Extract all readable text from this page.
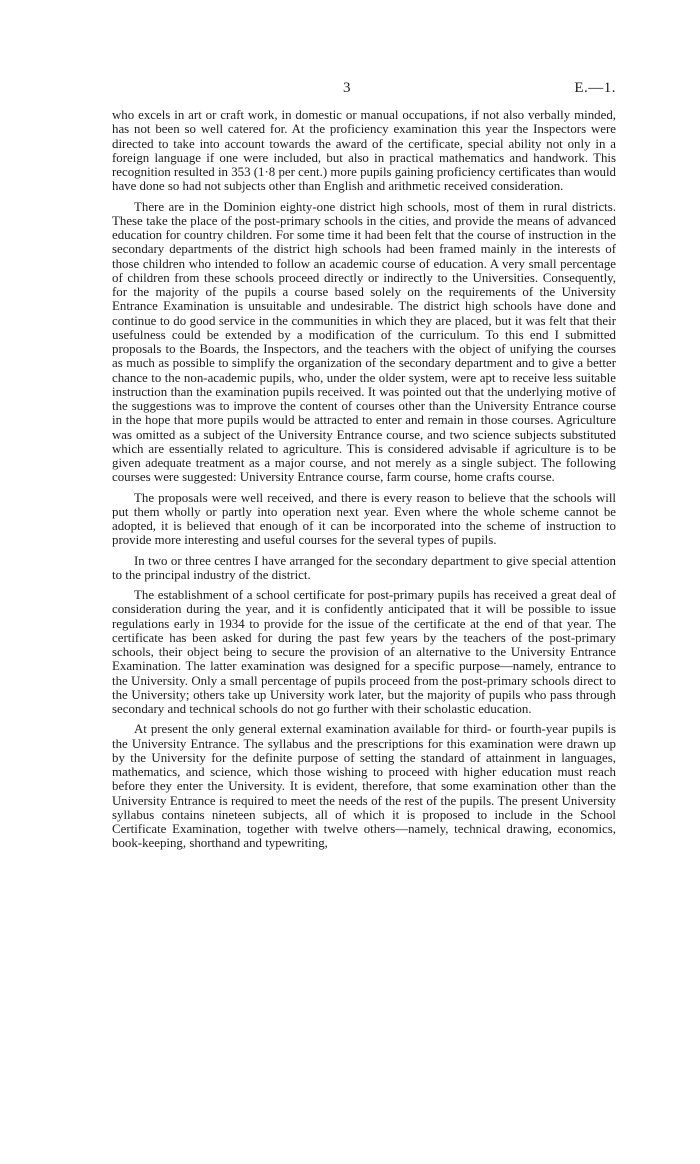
3	E.—1.

who excels in art or craft work, in domestic or manual occupations, if not also verbally minded, has not been so well catered for. At the proficiency examination this year the Inspectors were directed to take into account towards the award of the certificate, special ability not only in a foreign language if one were included, but also in practical mathematics and handwork. This recognition resulted in 353 (1·8 per cent.) more pupils gaining proficiency certificates than would have done so had not subjects other than English and arithmetic received consideration.

There are in the Dominion eighty-one district high schools, most of them in rural districts. These take the place of the post-primary schools in the cities, and provide the means of advanced education for country children. For some time it had been felt that the course of instruction in the secondary departments of the district high schools had been framed mainly in the interests of those children who intended to follow an academic course of education. A very small percentage of children from these schools proceed directly or indirectly to the Universities. Consequently, for the majority of the pupils a course based solely on the requirements of the University Entrance Examination is unsuitable and undesirable. The district high schools have done and continue to do good service in the communities in which they are placed, but it was felt that their usefulness could be extended by a modification of the curriculum. To this end I submitted proposals to the Boards, the Inspectors, and the teachers with the object of unifying the courses as much as possible to simplify the organization of the secondary department and to give a better chance to the non-academic pupils, who, under the older system, were apt to receive less suitable instruction than the examination pupils received. It was pointed out that the underlying motive of the suggestions was to improve the content of courses other than the University Entrance course in the hope that more pupils would be attracted to enter and remain in those courses. Agriculture was omitted as a subject of the University Entrance course, and two science subjects substituted which are essentially related to agriculture. This is considered advisable if agriculture is to be given adequate treatment as a major course, and not merely as a single subject. The following courses were suggested: University Entrance course, farm course, home crafts course.

The proposals were well received, and there is every reason to believe that the schools will put them wholly or partly into operation next year. Even where the whole scheme cannot be adopted, it is believed that enough of it can be incorporated into the scheme of instruction to provide more interesting and useful courses for the several types of pupils.

In two or three centres I have arranged for the secondary department to give special attention to the principal industry of the district.

The establishment of a school certificate for post-primary pupils has received a great deal of consideration during the year, and it is confidently anticipated that it will be possible to issue regulations early in 1934 to provide for the issue of the certificate at the end of that year. The certificate has been asked for during the past few years by the teachers of the post-primary schools, their object being to secure the provision of an alternative to the University Entrance Examination. The latter examination was designed for a specific purpose—namely, entrance to the University. Only a small percentage of pupils proceed from the post-primary schools direct to the University; others take up University work later, but the majority of pupils who pass through secondary and technical schools do not go further with their scholastic education.

At present the only general external examination available for third- or fourth-year pupils is the University Entrance. The syllabus and the prescriptions for this examination were drawn up by the University for the definite purpose of setting the standard of attainment in languages, mathematics, and science, which those wishing to proceed with higher education must reach before they enter the University. It is evident, therefore, that some examination other than the University Entrance is required to meet the needs of the rest of the pupils. The present University syllabus contains nineteen subjects, all of which it is proposed to include in the School Certificate Examination, together with twelve others—namely, technical drawing, economics, book-keeping, shorthand and typewriting,
